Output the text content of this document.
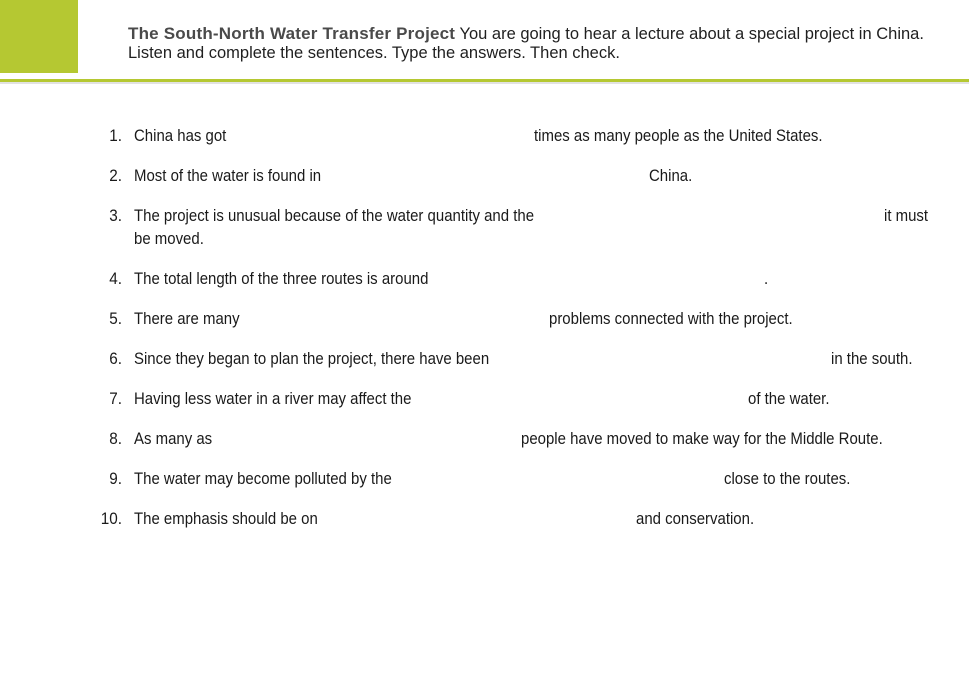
The South-North Water Transfer Project You are going to hear a lecture about a special project in China. Listen and complete the sentences. Type the answers. Then check.
1. China has got	times as many people as the United States.
2. Most of the water is found in	China.
3. The project is unusual because of the water quantity and the	it must
be moved.
4. The total length of the three routes is around	.
5. There are many	problems connected with the project.
6. Since they began to plan the project, there have been	in the south.
7. Having less water in a river may affect the	of the water.
8. As many as	people have moved to make way for the Middle Route.
9. The water may become polluted by the	close to the routes.
10. The emphasis should be on	and conservation.
